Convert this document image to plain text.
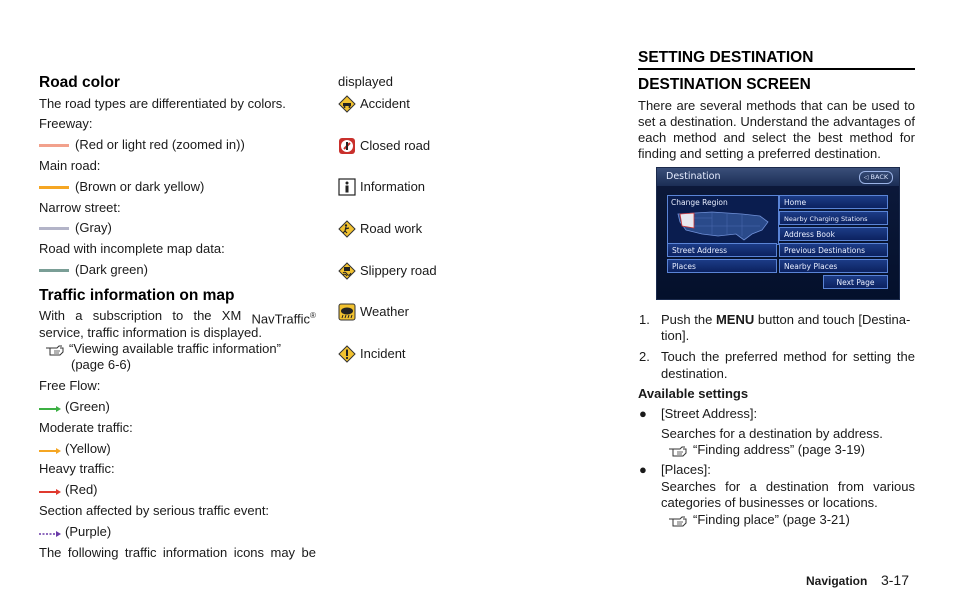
Road color
The road types are differentiated by colors.
Freeway:
(Red or light red (zoomed in))
Main road:
(Brown or dark yellow)
Narrow street:
(Gray)
Road with incomplete map data:
(Dark green)
Traffic information on map
With a subscription to the XM NavTraffic®
service, traffic information is displayed.
“Viewing available traffic information”
(page 6-6)
Free Flow:
(Green)
Moderate traffic:
(Yellow)
Heavy traffic:
(Red)
Section affected by serious traffic event:
(Purple)
The following traffic information icons may be
displayed
Accident
Closed road
Information
Road work
Slippery road
Weather
Incident
SETTING DESTINATION
DESTINATION SCREEN
There are several methods that can be used to
set a destination. Understand the advantages of
each method and select the best method for
finding and setting a preferred destination.
Destination	◁ BACK
Change Region	Home
Nearby Charging Stations
Address Book
Street Address	Previous Destinations
Places	Nearby Places
Next Page
1. Push the MENU button and touch [Destina-
tion].
2. Touch the preferred method for setting the
destination.
Available settings
● [Street Address]:
Searches for a destination by address.
“Finding address” (page 3-19)
● [Places]:
Searches for a destination from various
categories of businesses or locations.
“Finding place” (page 3-21)
Navigation 3-17
